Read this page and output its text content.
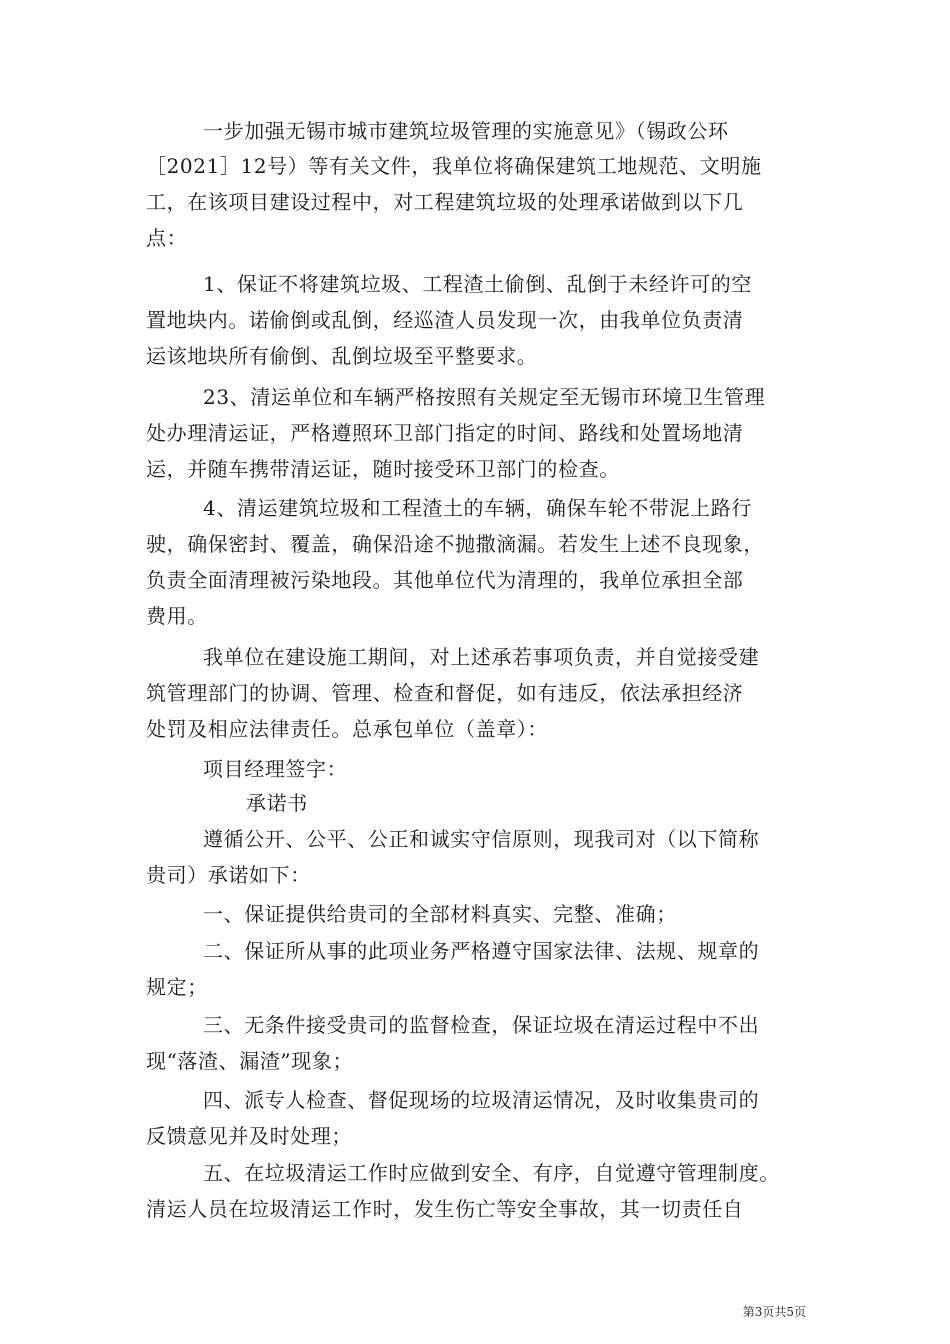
一步加强无锡市城市建筑垃圾管理的实施意见》（锡政公环
［2021］12号）等有关文件，我单位将确保建筑工地规范、文明施
工，在该项目建设过程中，对工程建筑垃圾的处理承诺做到以下几
点：
1、保证不将建筑垃圾、工程渣土偷倒、乱倒于未经许可的空
置地块内。诺偷倒或乱倒，经巡渣人员发现一次，由我单位负责清
运该地块所有偷倒、乱倒垃圾至平整要求。
23、清运单位和车辆严格按照有关规定至无锡市环境卫生管理
处办理清运证，严格遵照环卫部门指定的时间、路线和处置场地清
运，并随车携带清运证，随时接受环卫部门的检查。
4、清运建筑垃圾和工程渣土的车辆，确保车轮不带泥上路行
驶，确保密封、覆盖，确保沿途不抛撒滴漏。若发生上述不良现象，
负责全面清理被污染地段。其他单位代为清理的，我单位承担全部
费用。
我单位在建设施工期间，对上述承若事项负责，并自觉接受建
筑管理部门的协调、管理、检查和督促，如有违反，依法承担经济
处罚及相应法律责任。总承包单位（盖章）：
项目经理签字：
承诺书
遵循公开、公平、公正和诚实守信原则，现我司对（以下简称
贵司）承诺如下：
一、保证提供给贵司的全部材料真实、完整、准确；
二、保证所从事的此项业务严格遵守国家法律、法规、规章的
规定；
三、无条件接受贵司的监督检查，保证垃圾在清运过程中不出
现“落渣、漏渣”现象；
四、派专人检查、督促现场的垃圾清运情况，及时收集贵司的
反馈意见并及时处理；
五、在垃圾清运工作时应做到安全、有序，自觉遵守管理制度。
清运人员在垃圾清运工作时，发生伤亡等安全事故，其一切责任自
第3页共5页
